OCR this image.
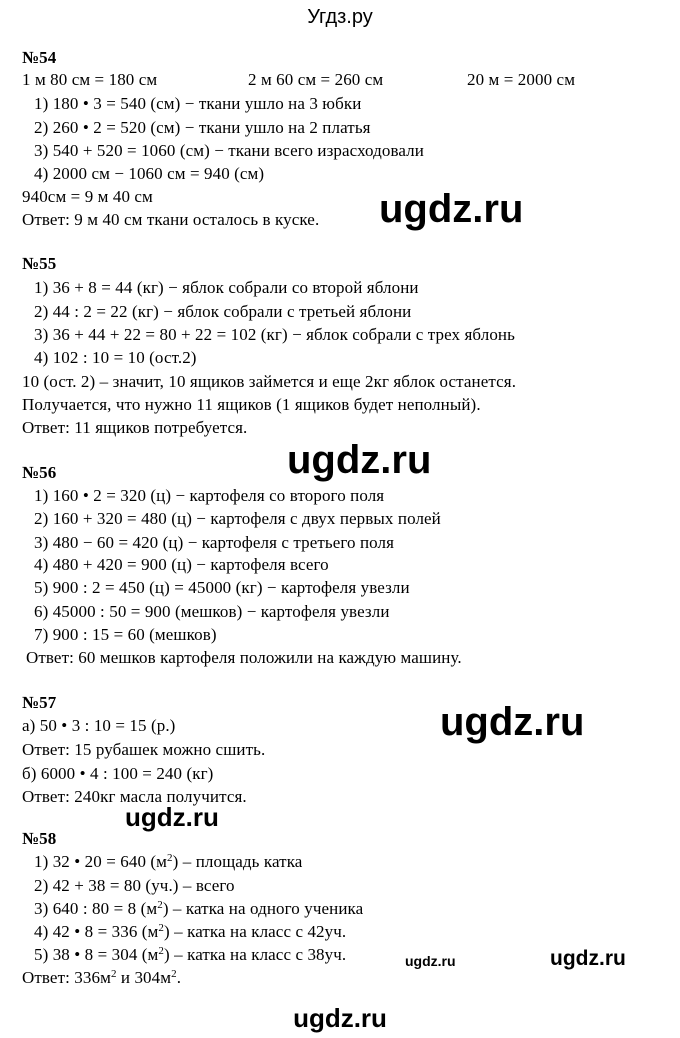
Угдз.ру
№54
1 м 80 см = 180 см	2 м 60 см = 260 см	20 м = 2000 см
1) 180 • 3 = 540 (см) − ткани ушло на 3 юбки
2) 260 • 2 = 520 (см) − ткани ушло на 2 платья
3) 540 + 520 = 1060 (см) − ткани всего израсходовали
4) 2000 см − 1060 см = 940 (см)
940см = 9 м 40 см
Ответ: 9 м 40 см ткани осталось в куске. ugdz.ru
№55
1) 36 + 8 = 44 (кг) − яблок собрали со второй яблони
2) 44 : 2 = 22 (кг) − яблок собрали с третьей яблони
3) 36 + 44 + 22 = 80 + 22 = 102 (кг) − яблок собрали с трех яблонь
4) 102 : 10 = 10 (ост.2)
10 (ост. 2) – значит, 10 ящиков займется и еще 2кг яблок останется.
Получается, что нужно 11 ящиков (1 ящиков будет неполный).
Ответ: 11 ящиков потребуется.
№56	ugdz.ru
1) 160 • 2 = 320 (ц) − картофеля со второго поля
2) 160 + 320 = 480 (ц) − картофеля с двух первых полей
3) 480 − 60 = 420 (ц) − картофеля с третьего поля
4) 480 + 420 = 900 (ц) − картофеля всего
5) 900 : 2 = 450 (ц) = 45000 (кг) − картофеля увезли
6) 45000 : 50 = 900 (мешков) − картофеля увезли
7) 900 : 15 = 60 (мешков)
Ответ: 60 мешков картофеля положили на каждую машину.
№57	ugdz.ru
а) 50 • 3 : 10 = 15 (р.)
Ответ: 15 рубашек можно сшить.
б) 6000 • 4 : 100 = 240 (кг)
Ответ: 240кг масла получится.
ugdz.ru
№58
1) 32 • 20 = 640 $(м^2)$ – площадь катка
2) 42 + 38 = 80 (уч.) – всего
3) 640 : 80 = 8 $(м^2)$ – катка на одного ученика
4) 42 • 8 = 336 $(м^2)$ – катка на класс с 42уч.
5) 38 • 8 = 304 $(м^2)$ – катка на класс с 38уч.
Ответ: $336м^2$ и $304м^2$.
ugdz.ru	ugdz.ru
ugdz.ru
